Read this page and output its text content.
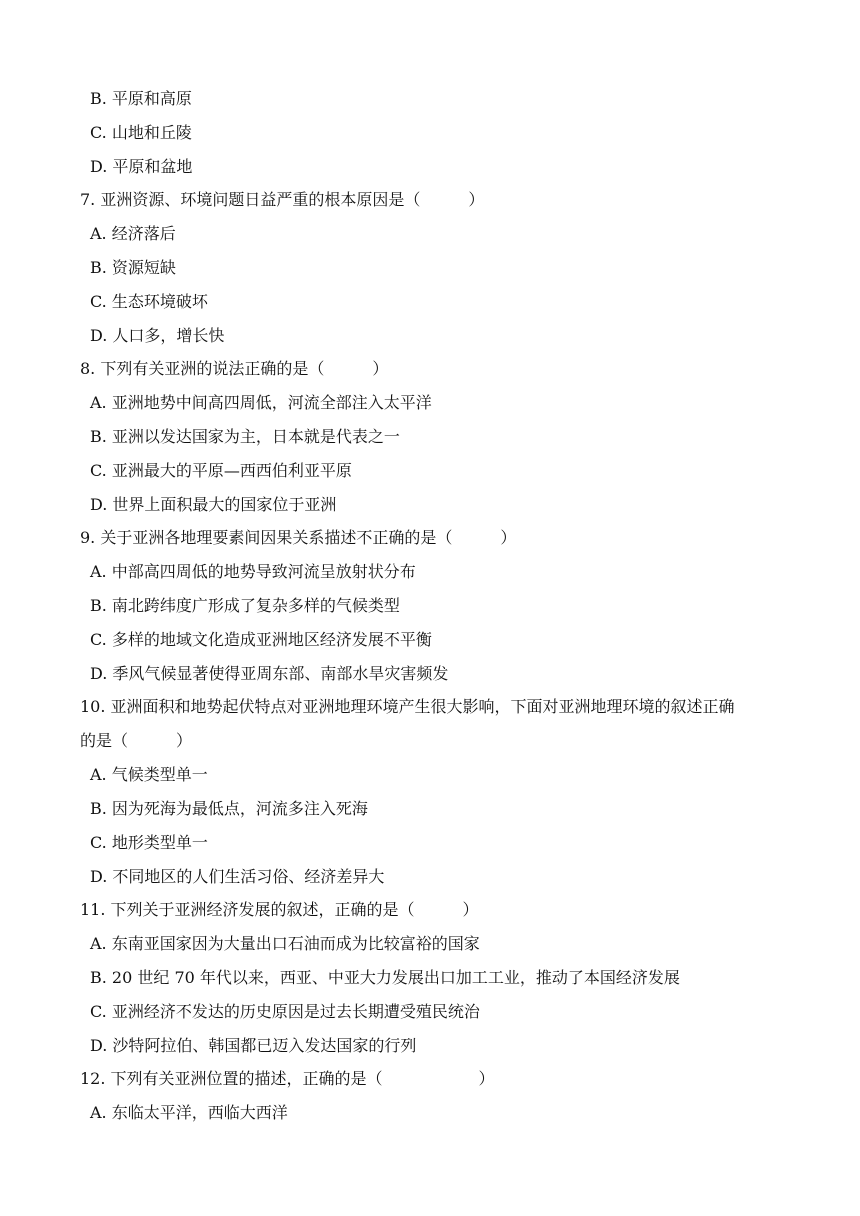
B. 平原和高原
C. 山地和丘陵
D. 平原和盆地
7. 亚洲资源、环境问题日益严重的根本原因是（　　　）
A. 经济落后
B. 资源短缺
C. 生态环境破坏
D. 人口多，增长快
8. 下列有关亚洲的说法正确的是（　　　）
A. 亚洲地势中间高四周低，河流全部注入太平洋
B. 亚洲以发达国家为主，日本就是代表之一
C. 亚洲最大的平原—西西伯利亚平原
D. 世界上面积最大的国家位于亚洲
9. 关于亚洲各地理要素间因果关系描述不正确的是（　　　）
A. 中部高四周低的地势导致河流呈放射状分布
B. 南北跨纬度广形成了复杂多样的气候类型
C. 多样的地域文化造成亚洲地区经济发展不平衡
D. 季风气候显著使得亚周东部、南部水旱灾害频发
10. 亚洲面积和地势起伏特点对亚洲地理环境产生很大影响，下面对亚洲地理环境的叙述正确
的是（　　　）
A. 气候类型单一
B. 因为死海为最低点，河流多注入死海
C. 地形类型单一
D. 不同地区的人们生活习俗、经济差异大
11. 下列关于亚洲经济发展的叙述，正确的是（　　　）
A. 东南亚国家因为大量出口石油而成为比较富裕的国家
B. 20 世纪 70 年代以来，西亚、中亚大力发展出口加工工业，推动了本国经济发展
C. 亚洲经济不发达的历史原因是过去长期遭受殖民统治
D. 沙特阿拉伯、韩国都已迈入发达国家的行列
12. 下列有关亚洲位置的描述，正确的是（　　　　　　）
A. 东临太平洋，西临大西洋
